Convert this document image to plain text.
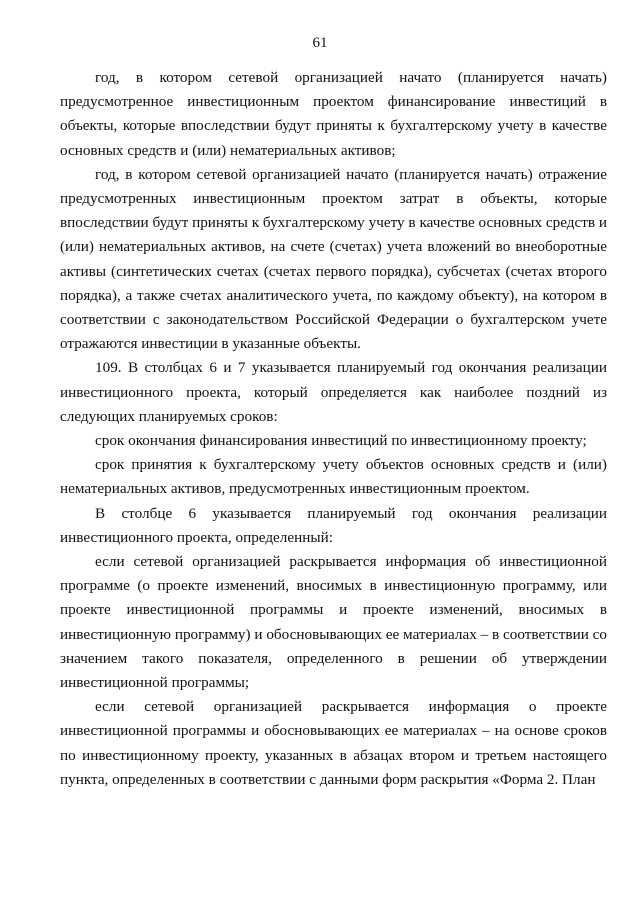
61

год, в котором сетевой организацией начато (планируется начать) предусмотренное инвестиционным проектом финансирование инвестиций в объекты, которые впоследствии будут приняты к бухгалтерскому учету в качестве основных средств и (или) нематериальных активов;

год, в котором сетевой организацией начато (планируется начать) отражение предусмотренных инвестиционным проектом затрат в объекты, которые впоследствии будут приняты к бухгалтерскому учету в качестве основных средств и (или) нематериальных активов, на счете (счетах) учета вложений во внеоборотные активы (синтетических счетах (счетах первого порядка), субсчетах (счетах второго порядка), а также счетах аналитического учета, по каждому объекту), на котором в соответствии с законодательством Российской Федерации о бухгалтерском учете отражаются инвестиции в указанные объекты.

109. В столбцах 6 и 7 указывается планируемый год окончания реализации инвестиционного проекта, который определяется как наиболее поздний из следующих планируемых сроков:

срок окончания финансирования инвестиций по инвестиционному проекту;

срок принятия к бухгалтерскому учету объектов основных средств и (или) нематериальных активов, предусмотренных инвестиционным проектом.

В столбце 6 указывается планируемый год окончания реализации инвестиционного проекта, определенный:

если сетевой организацией раскрывается информация об инвестиционной программе (о проекте изменений, вносимых в инвестиционную программу, или проекте инвестиционной программы и проекте изменений, вносимых в инвестиционную программу) и обосновывающих ее материалах – в соответствии со значением такого показателя, определенного в решении об утверждении инвестиционной программы;

если сетевой организацией раскрывается информация о проекте инвестиционной программы и обосновывающих ее материалах – на основе сроков по инвестиционному проекту, указанных в абзацах втором и третьем настоящего пункта, определенных в соответствии с данными форм раскрытия «Форма 2. План
